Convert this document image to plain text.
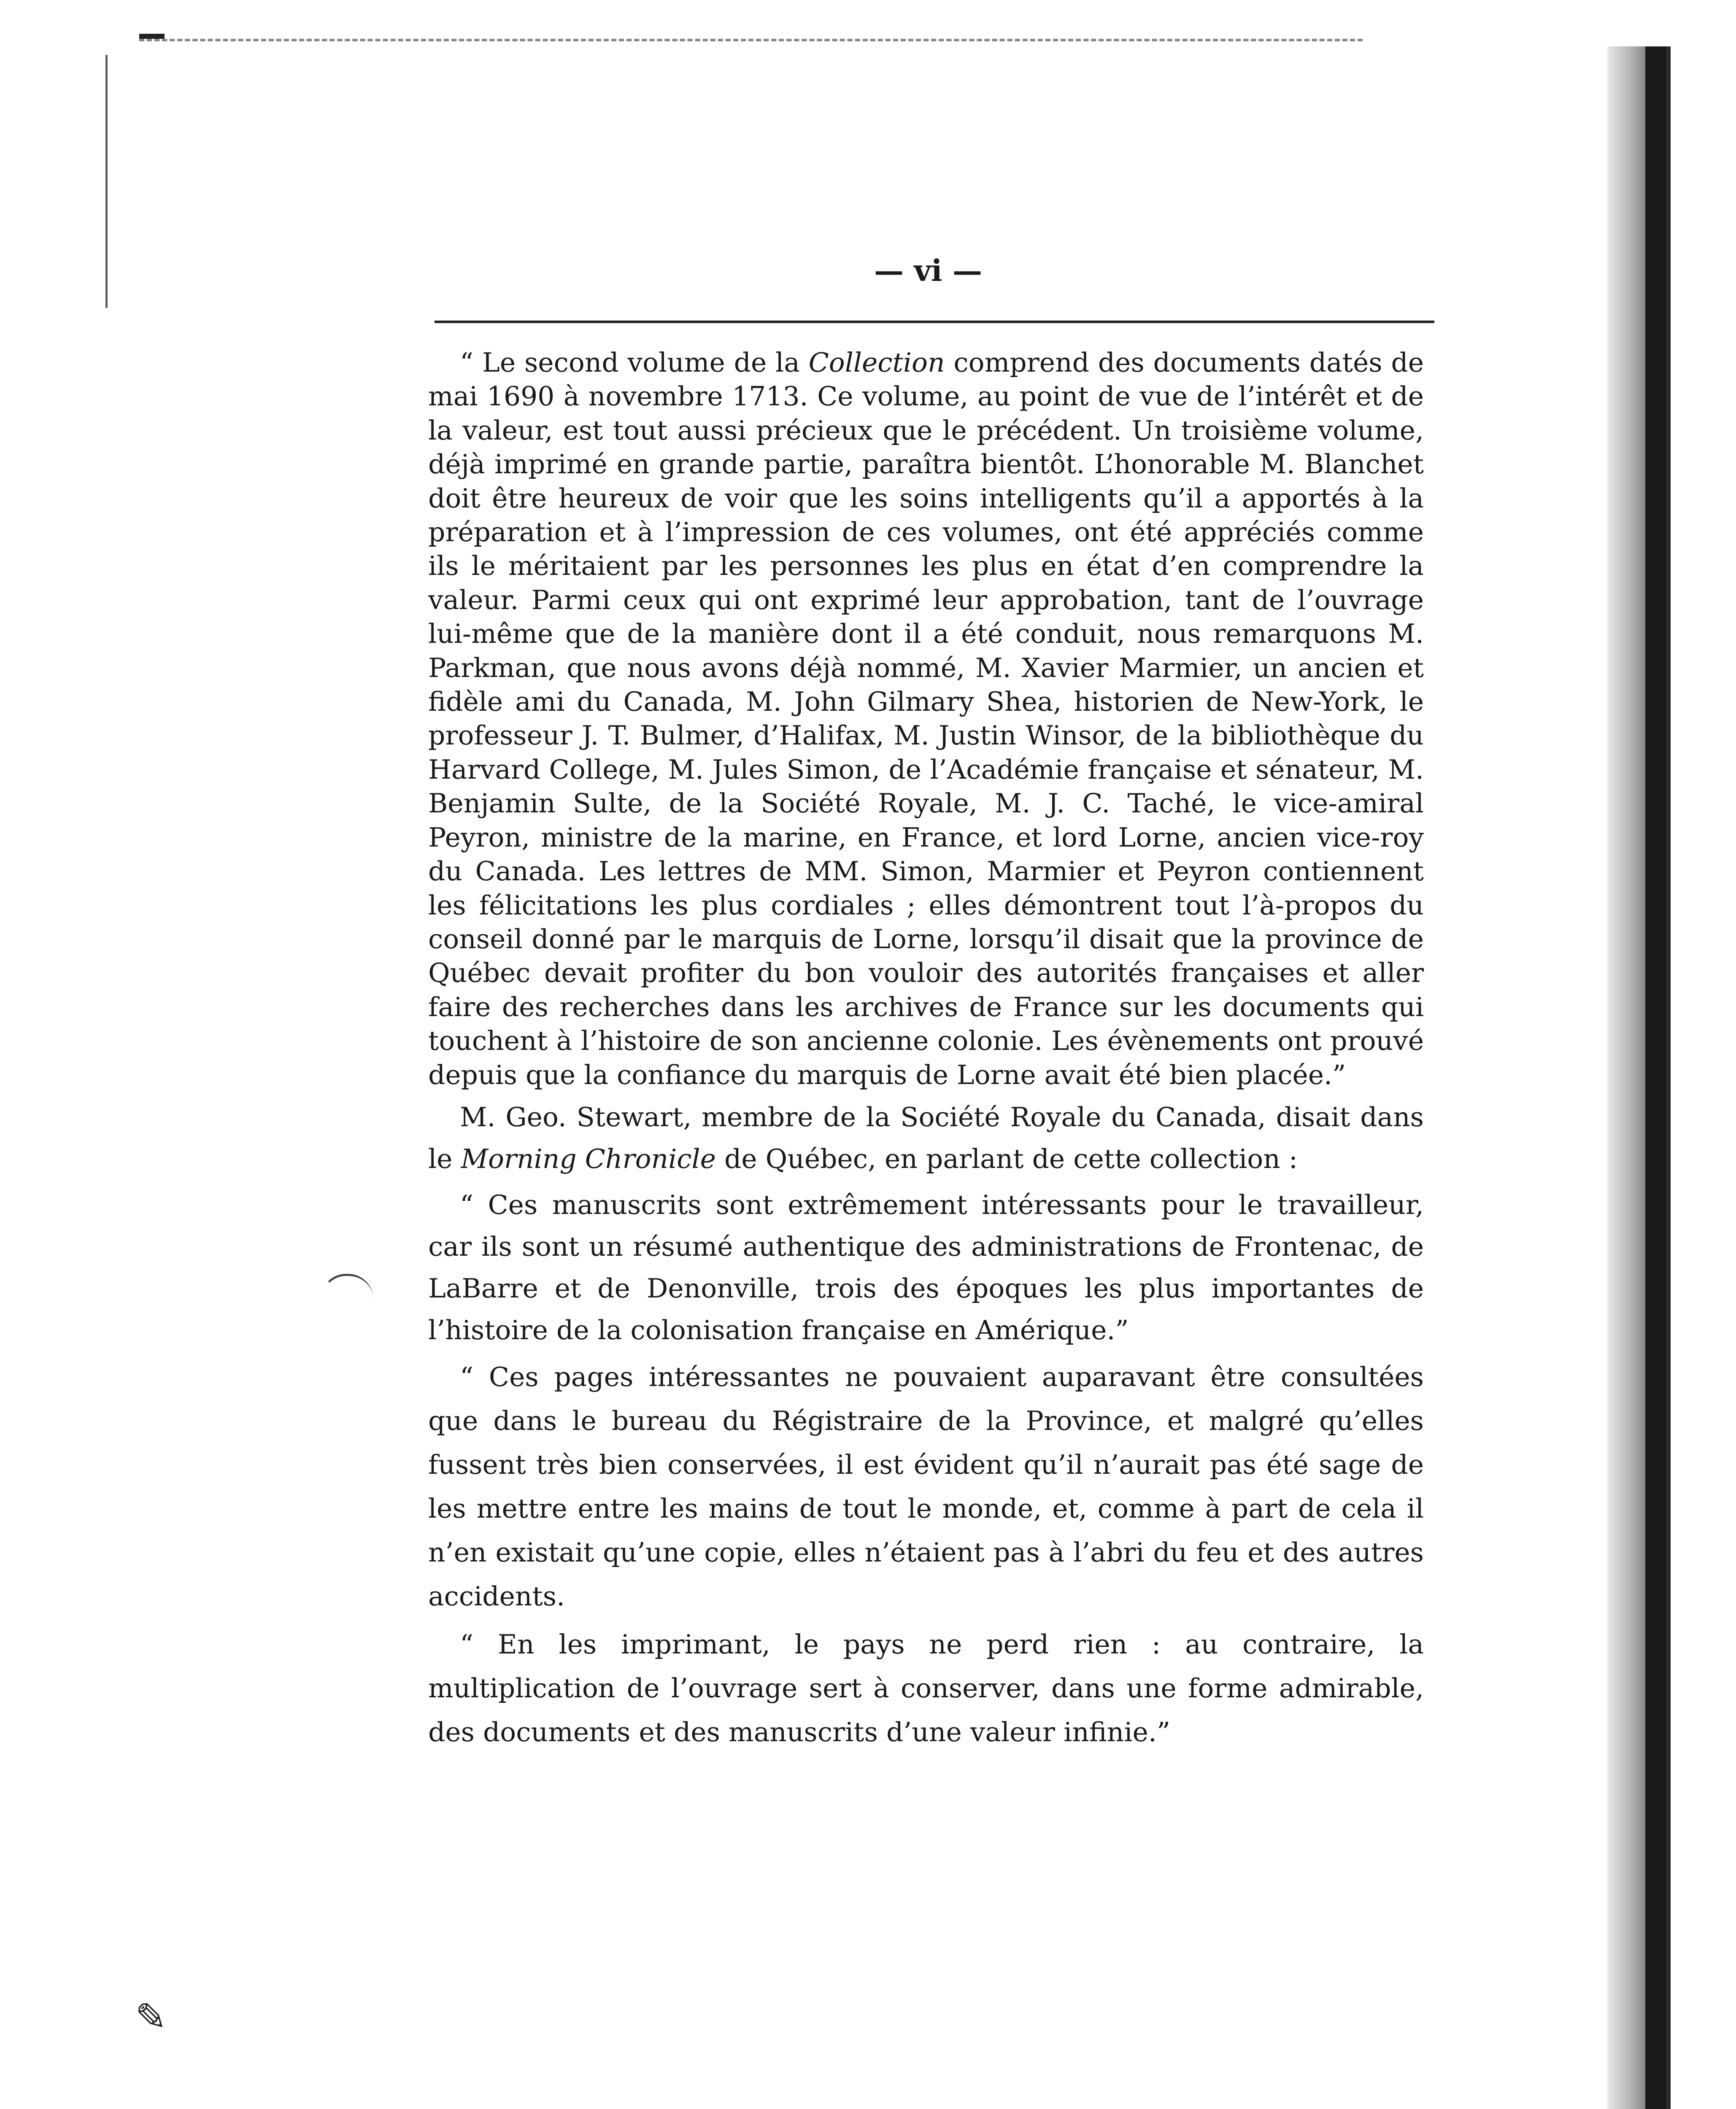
✎
— vi —

“ Le second volume de la Collection comprend des documents datés de mai 1690 à novembre 1713. Ce volume, au point de vue de l’intérêt et de la valeur, est tout aussi précieux que le précédent. Un troisième volume, déjà imprimé en grande partie, paraîtra bientôt. L’honorable M. Blanchet doit être heureux de voir que les soins intelligents qu’il a apportés à la préparation et à l’impression de ces volumes, ont été appréciés comme ils le méritaient par les personnes les plus en état d’en comprendre la valeur. Parmi ceux qui ont exprimé leur approbation, tant de l’ouvrage lui-même que de la manière dont il a été conduit, nous remarquons M. Parkman, que nous avons déjà nommé, M. Xavier Marmier, un ancien et fidèle ami du Canada, M. John Gilmary Shea, historien de New-York, le professeur J. T. Bulmer, d’Halifax, M. Justin Winsor, de la bibliothèque du Harvard College, M. Jules Simon, de l’Académie française et sénateur, M. Benjamin Sulte, de la Société Royale, M. J. C. Taché, le vice-amiral Peyron, ministre de la marine, en France, et lord Lorne, ancien vice-roy du Canada. Les lettres de MM. Simon, Marmier et Peyron contiennent les félicitations les plus cordiales ; elles démontrent tout l’à-propos du conseil donné par le marquis de Lorne, lorsqu’il disait que la province de Québec devait profiter du bon vouloir des autorités françaises et aller faire des recherches dans les archives de France sur les documents qui touchent à l’histoire de son ancienne colonie. Les évènements ont prouvé depuis que la confiance du marquis de Lorne avait été bien placée.”

M. Geo. Stewart, membre de la Société Royale du Canada, disait dans le Morning Chronicle de Québec, en parlant de cette collection :

“ Ces manuscrits sont extrêmement intéressants pour le travailleur, car ils sont un résumé authentique des administrations de Frontenac, de LaBarre et de Denonville, trois des époques les plus importantes de l’histoire de la colonisation française en Amérique.”

“ Ces pages intéressantes ne pouvaient auparavant être consultées que dans le bureau du Régistraire de la Province, et malgré qu’elles fussent très bien conservées, il est évident qu’il n’aurait pas été sage de les mettre entre les mains de tout le monde, et, comme à part de cela il n’en existait qu’une copie, elles n’étaient pas à l’abri du feu et des autres accidents.

“ En les imprimant, le pays ne perd rien : au contraire, la multiplication de l’ouvrage sert à conserver, dans une forme admirable, des documents et des manuscrits d’une valeur infinie.”
